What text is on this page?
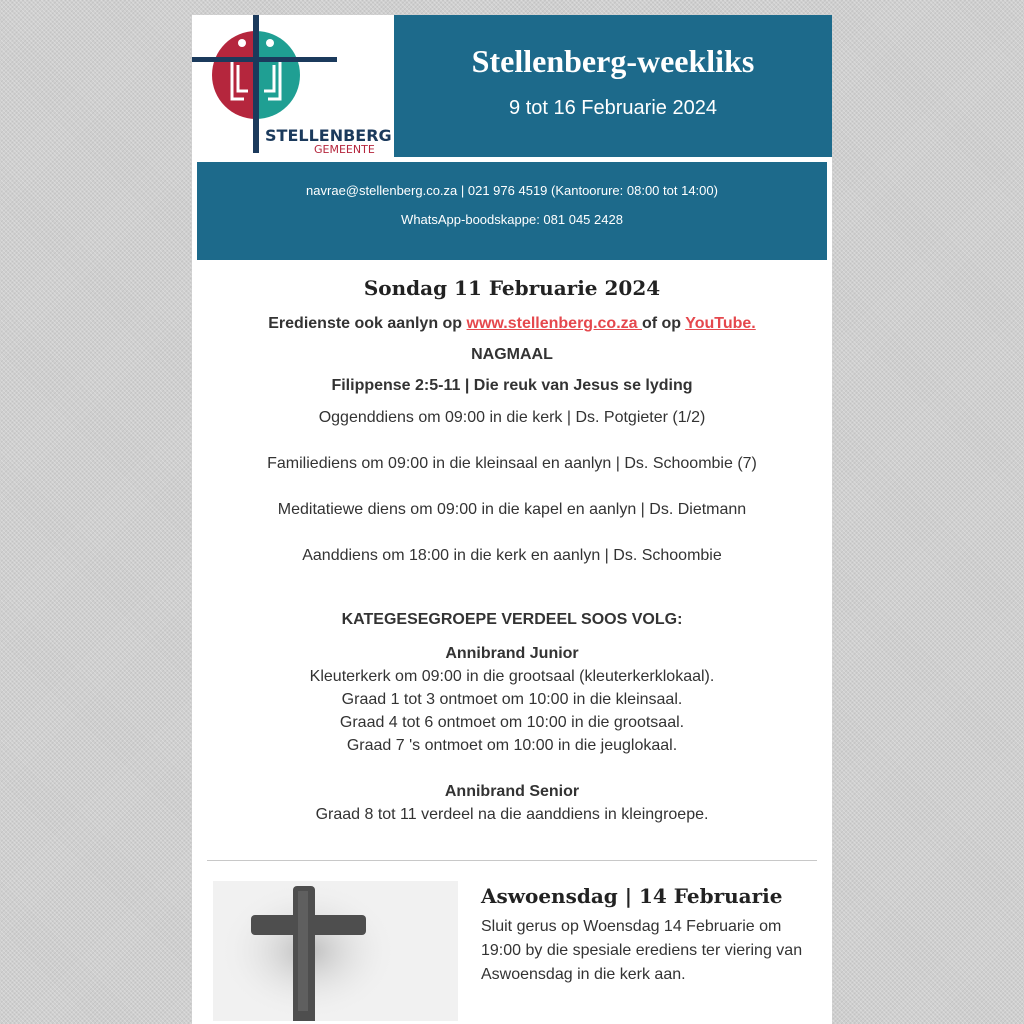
STELLENBERG
GEMEENTE
Stellenberg-weekliks
9 tot 16 Februarie 2024
navrae@stellenberg.co.za | 021 976 4519 (Kantoorure: 08:00 tot 14:00)
WhatsApp-boodskappe: 081 045 2428
Sondag 11 Februarie 2024
Eredienste ook aanlyn op www.stellenberg.co.za of op YouTube.
NAGMAAL
Filippense 2:5-11 | Die reuk van Jesus se lyding
Oggenddiens om 09:00 in die kerk | Ds. Potgieter (1/2)
Familiediens om 09:00 in die kleinsaal en aanlyn | Ds. Schoombie (7)
Meditatiewe diens om 09:00 in die kapel en aanlyn | Ds. Dietmann
Aanddiens om 18:00 in die kerk en aanlyn | Ds. Schoombie
KATEGESEGROEPE VERDEEL SOOS VOLG:
Annibrand Junior
Kleuterkerk om 09:00 in die grootsaal (kleuterkerklokaal).
Graad 1 tot 3 ontmoet om 10:00 in die kleinsaal.
Graad 4 tot 6 ontmoet om 10:00 in die grootsaal.
Graad 7 's ontmoet om 10:00 in die jeuglokaal.
Annibrand Senior
Graad 8 tot 11 verdeel na die aanddiens in kleingroepe.
Aswoensdag | 14 Februarie
Sluit gerus op Woensdag 14 Februarie om 19:00 by die spesiale erediens ter viering van Aswoensdag in die kerk aan.
